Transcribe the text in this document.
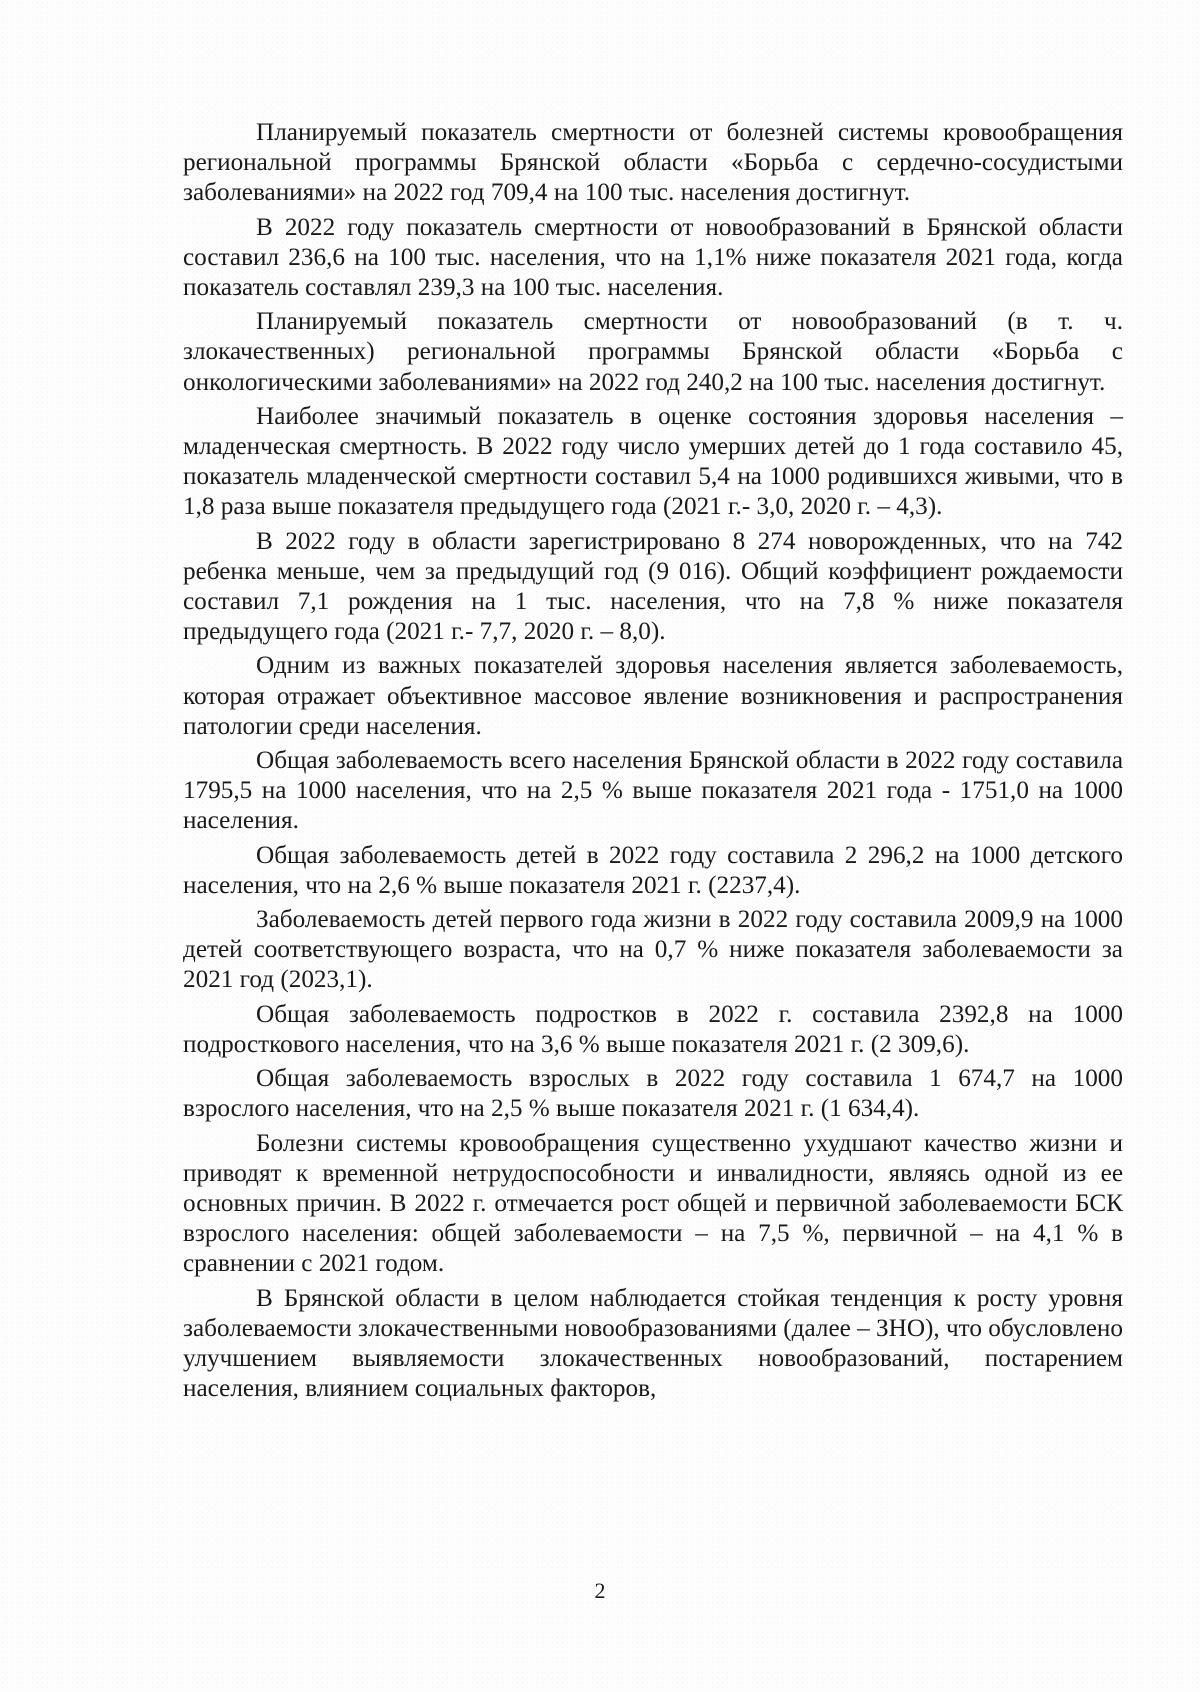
Планируемый показатель смертности от болезней системы кровообращения региональной программы Брянской области «Борьба с сердечно-сосудистыми заболеваниями» на 2022 год 709,4 на 100 тыс. населения достигнут.

В 2022 году показатель смертности от новообразований в Брянской области составил 236,6 на 100 тыс. населения, что на 1,1% ниже показателя 2021 года, когда показатель составлял 239,3 на 100 тыс. населения.

Планируемый показатель смертности от новообразований (в т. ч. злокачественных) региональной программы Брянской области «Борьба с онкологическими заболеваниями» на 2022 год 240,2 на 100 тыс. населения достигнут.

Наиболее значимый показатель в оценке состояния здоровья населения – младенческая смертность. В 2022 году число умерших детей до 1 года составило 45, показатель младенческой смертности составил 5,4 на 1000 родившихся живыми, что в 1,8 раза выше показателя предыдущего года (2021 г.- 3,0, 2020 г. – 4,3).

В 2022 году в области зарегистрировано 8 274 новорожденных, что на 742 ребенка меньше, чем за предыдущий год (9 016). Общий коэффициент рождаемости составил 7,1 рождения на 1 тыс. населения, что на 7,8 % ниже показателя предыдущего года (2021 г.- 7,7, 2020 г. – 8,0).

Одним из важных показателей здоровья населения является заболеваемость, которая отражает объективное массовое явление возникновения и распространения патологии среди населения.

Общая заболеваемость всего населения Брянской области в 2022 году составила 1795,5 на 1000 населения, что на 2,5 % выше показателя 2021 года - 1751,0 на 1000 населения.

Общая заболеваемость детей в 2022 году составила 2 296,2 на 1000 детского населения, что на 2,6 % выше показателя 2021 г. (2237,4).

Заболеваемость детей первого года жизни в 2022 году составила 2009,9 на 1000 детей соответствующего возраста, что на 0,7 % ниже показателя заболеваемости за 2021 год (2023,1).

Общая заболеваемость подростков в 2022 г. составила 2392,8 на 1000 подросткового населения, что на 3,6 % выше показателя 2021 г. (2 309,6).

Общая заболеваемость взрослых в 2022 году составила 1 674,7 на 1000 взрослого населения, что на 2,5 % выше показателя 2021 г. (1 634,4).

Болезни системы кровообращения существенно ухудшают качество жизни и приводят к временной нетрудоспособности и инвалидности, являясь одной из ее основных причин. В 2022 г. отмечается рост общей и первичной заболеваемости БСК взрослого населения: общей заболеваемости – на 7,5 %, первичной – на 4,1 % в сравнении с 2021 годом.

В Брянской области в целом наблюдается стойкая тенденция к росту уровня заболеваемости злокачественными новообразованиями (далее – ЗНО), что обусловлено улучшением выявляемости злокачественных новообразований, постарением населения, влиянием социальных факторов,

2
